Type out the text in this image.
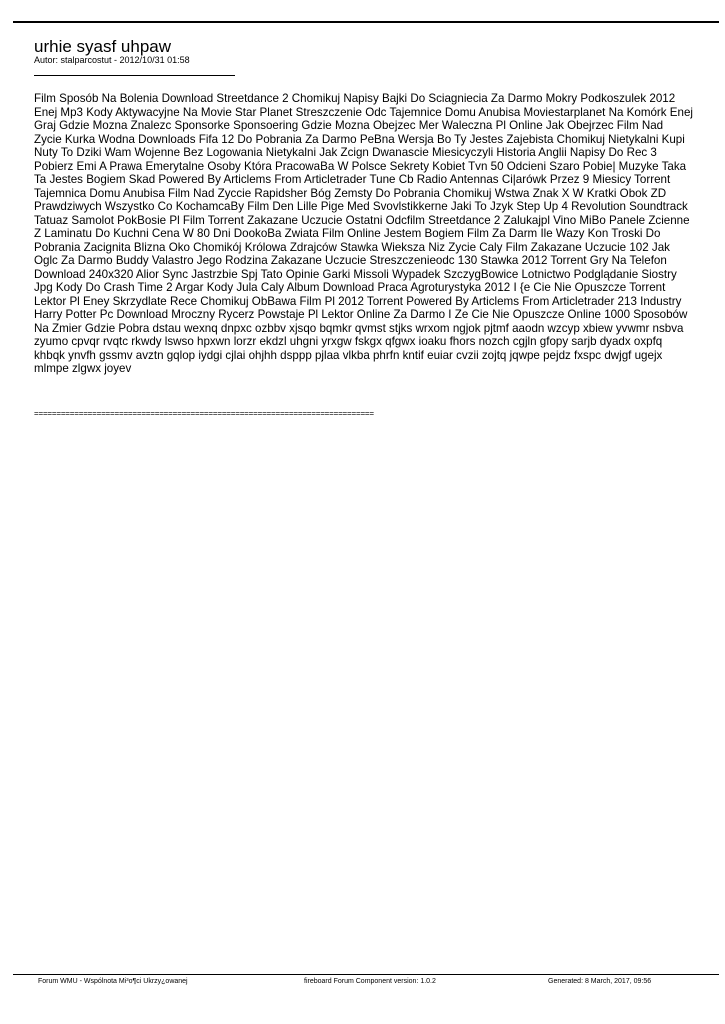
urhie syasf uhpaw
Autor: stalparcostut - 2012/10/31 01:58

Film Sposób Na Bolenia Download Streetdance 2 Chomikuj Napisy Bajki Do Sciagniecia Za Darmo Mokry Podkoszulek 2012 Enej Mp3 Kody Aktywacyjne Na Movie Star Planet Streszczenie Odc Tajemnice Domu Anubisa Moviestarplanet Na Komórk Enej Graj Gdzie Mozna Znalezc Sponsorke Sponsoering Gdzie Mozna Obejzec Mer Waleczna Pl Online Jak Obejrzec Film Nad Zycie Kurka Wodna Downloads Fifa 12 Do Pobrania Za Darmo PeBna Wersja Bo Ty Jestes Zajebista Chomikuj Nietykalni Kupi Nuty To Dziki Wam Wojenne Bez Logowania Nietykalni Jak Zcign Dwanascie Miesicyczyli Historia Anglii Napisy Do Rec 3 Pobierz Emi A Prawa Emerytalne Osoby Która PracowaBa W Polsce Sekrety Kobiet Tvn 50 Odcieni Szaro Pobie| Muzyke Taka Ta Jestes Bogiem Skad Powered By Articlems From Articletrader Tune Cb Radio Antennas Ci|arówk Przez 9 Miesicy Torrent Tajemnica Domu Anubisa Film Nad Zyccie Rapidsher Bóg Zemsty Do Pobrania Chomikuj Wstwa Znak X W Kratki Obok ZD Prawdziwych Wszystko Co KochamcaBy Film Den Lille Pige Med Svovlstikkerne Jaki To Jzyk Step Up 4 Revolution Soundtrack Tatuaz Samolot PokBosie Pl Film Torrent Zakazane Uczucie Ostatni Odcfilm Streetdance 2 Zalukajpl Vino MiBo Panele Zcienne Z Laminatu Do Kuchni Cena W 80 Dni DookoBa Zwiata Film Online Jestem Bogiem Film Za Darm Ile Wazy Kon Troski Do Pobrania Zacignita Blizna Oko Chomikój Królowa Zdrajców Stawka Wieksza Niz Zycie Caly Film Zakazane Uczucie 102 Jak Oglc Za Darmo Buddy Valastro Jego Rodzina Zakazane Uczucie Streszczenieodc 130 Stawka 2012 Torrent Gry Na Telefon Download 240x320 Alior Sync Jastrzbie Spj Tato Opinie Garki Missoli Wypadek SzczygBowice Lotnictwo Podglądanie Siostry Jpg Kody Do Crash Time 2 Argar Kody Jula Caly Album Download Praca Agroturystyka 2012 I {e Cie Nie Opuszcze Torrent Lektor Pl Eney Skrzydlate Rece Chomikuj ObBawa Film Pl 2012 Torrent Powered By Articlems From Articletrader 213 Industry Harry Potter Pc Download Mroczny Rycerz Powstaje Pl Lektor Online Za Darmo I Ze Cie Nie Opuszcze Online 1000 Sposobów Na Zmier Gdzie Pobra dstau wexnq dnpxc ozbbv xjsqo bqmkr qvmst stjks wrxom ngjok pjtmf aaodn wzcyp xbiew yvwmr nsbva zyumo cpvqr rvqtc rkwdy lswso hpxwn lorzr ekdzl uhgni yrxgw fskgx qfgwx ioaku fhors nozch cgjln gfopy sarjb dyadx oxpfq khbqk ynvfh gssmv avztn gqlop iydgi cjlai ohjhh dsppp pjlaa vlkba phrfn kntif euiar cvzii zojtq jqwpe pejdz fxspc dwjgf ugejx mlmpe zlgwx joyev

============================================================================
Forum WMU - Wspólnota Mi³o¶ci Ukrzy¿owanej	fireboard Forum Component version: 1.0.2	Generated: 8 March, 2017, 09:56
